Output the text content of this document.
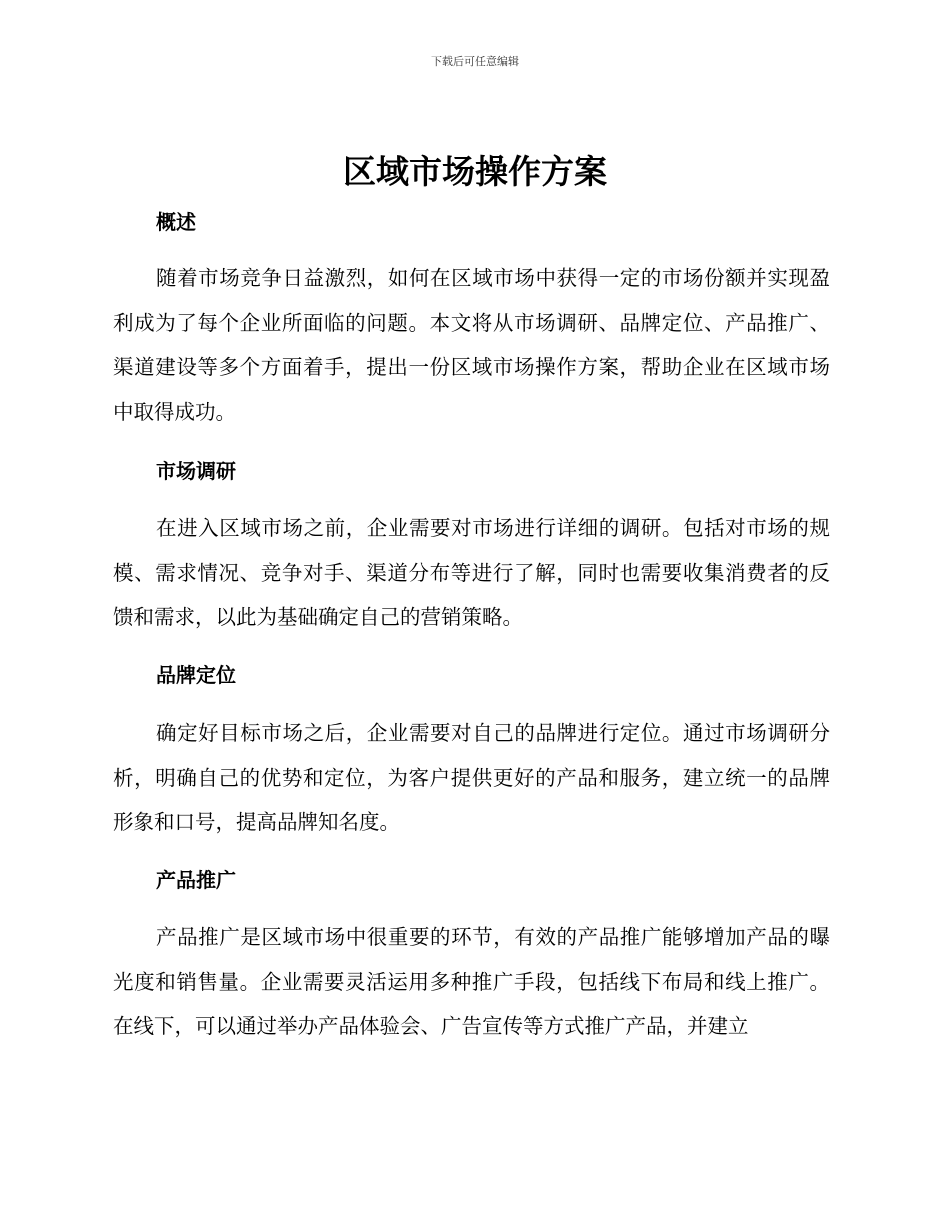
下载后可任意编辑
区域市场操作方案
概述

随着市场竞争日益激烈，如何在区域市场中获得一定的市场份额并实现盈利成为了每个企业所面临的问题。本文将从市场调研、品牌定位、产品推广、渠道建设等多个方面着手，提出一份区域市场操作方案，帮助企业在区域市场中取得成功。

市场调研

在进入区域市场之前，企业需要对市场进行详细的调研。包括对市场的规模、需求情况、竞争对手、渠道分布等进行了解，同时也需要收集消费者的反馈和需求，以此为基础确定自己的营销策略。

品牌定位

确定好目标市场之后，企业需要对自己的品牌进行定位。通过市场调研分析，明确自己的优势和定位，为客户提供更好的产品和服务，建立统一的品牌形象和口号，提高品牌知名度。

产品推广

产品推广是区域市场中很重要的环节，有效的产品推广能够增加产品的曝光度和销售量。企业需要灵活运用多种推广手段，包括线下布局和线上推广。在线下，可以通过举办产品体验会、广告宣传等方式推广产品，并建立
